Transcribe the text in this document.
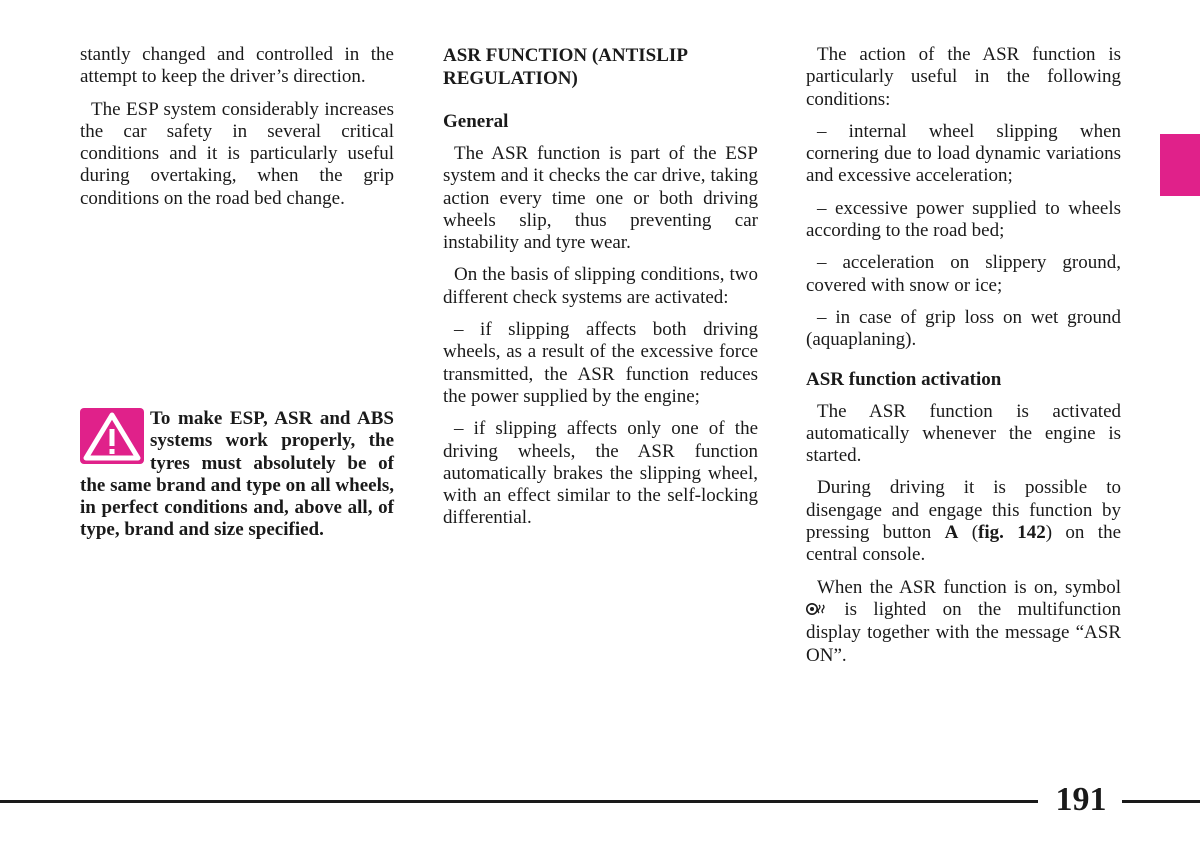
stantly changed and controlled in the attempt to keep the driver’s direction.

The ESP system considerably increases the car safety in several critical conditions and it is particularly useful during overtaking, when the grip conditions on the road bed change.

To make ESP, ASR and ABS systems work properly, the tyres must absolutely be of the same brand and type on all wheels, in perfect conditions and, above all, of type, brand and size specified.
ASR FUNCTION (ANTISLIP REGULATION)
General

The ASR function is part of the ESP system and it checks the car drive, taking action every time one or both driving wheels slip, thus preventing car instability and tyre wear.

On the basis of slipping conditions, two different check systems are activated:

– if slipping affects both driving wheels, as a result of the excessive force transmitted, the ASR function reduces the power supplied by the engine;

– if slipping affects only one of the driving wheels, the ASR function automatically brakes the slipping wheel, with an effect similar to the self-locking differential.

The action of the ASR function is particularly useful in the following conditions:

– internal wheel slipping when cornering due to load dynamic variations and excessive acceleration;

– excessive power supplied to wheels according to the road bed;

– acceleration on slippery ground, covered with snow or ice;

– in case of grip loss on wet ground (aquaplaning).

ASR function activation

The ASR function is activated automatically whenever the engine is started.

During driving it is possible to disengage and engage this function by pressing button A (fig. 142) on the central console.

When the ASR function is on, symbol  is lighted on the multifunction display together with the message “ASR ON”.

191
